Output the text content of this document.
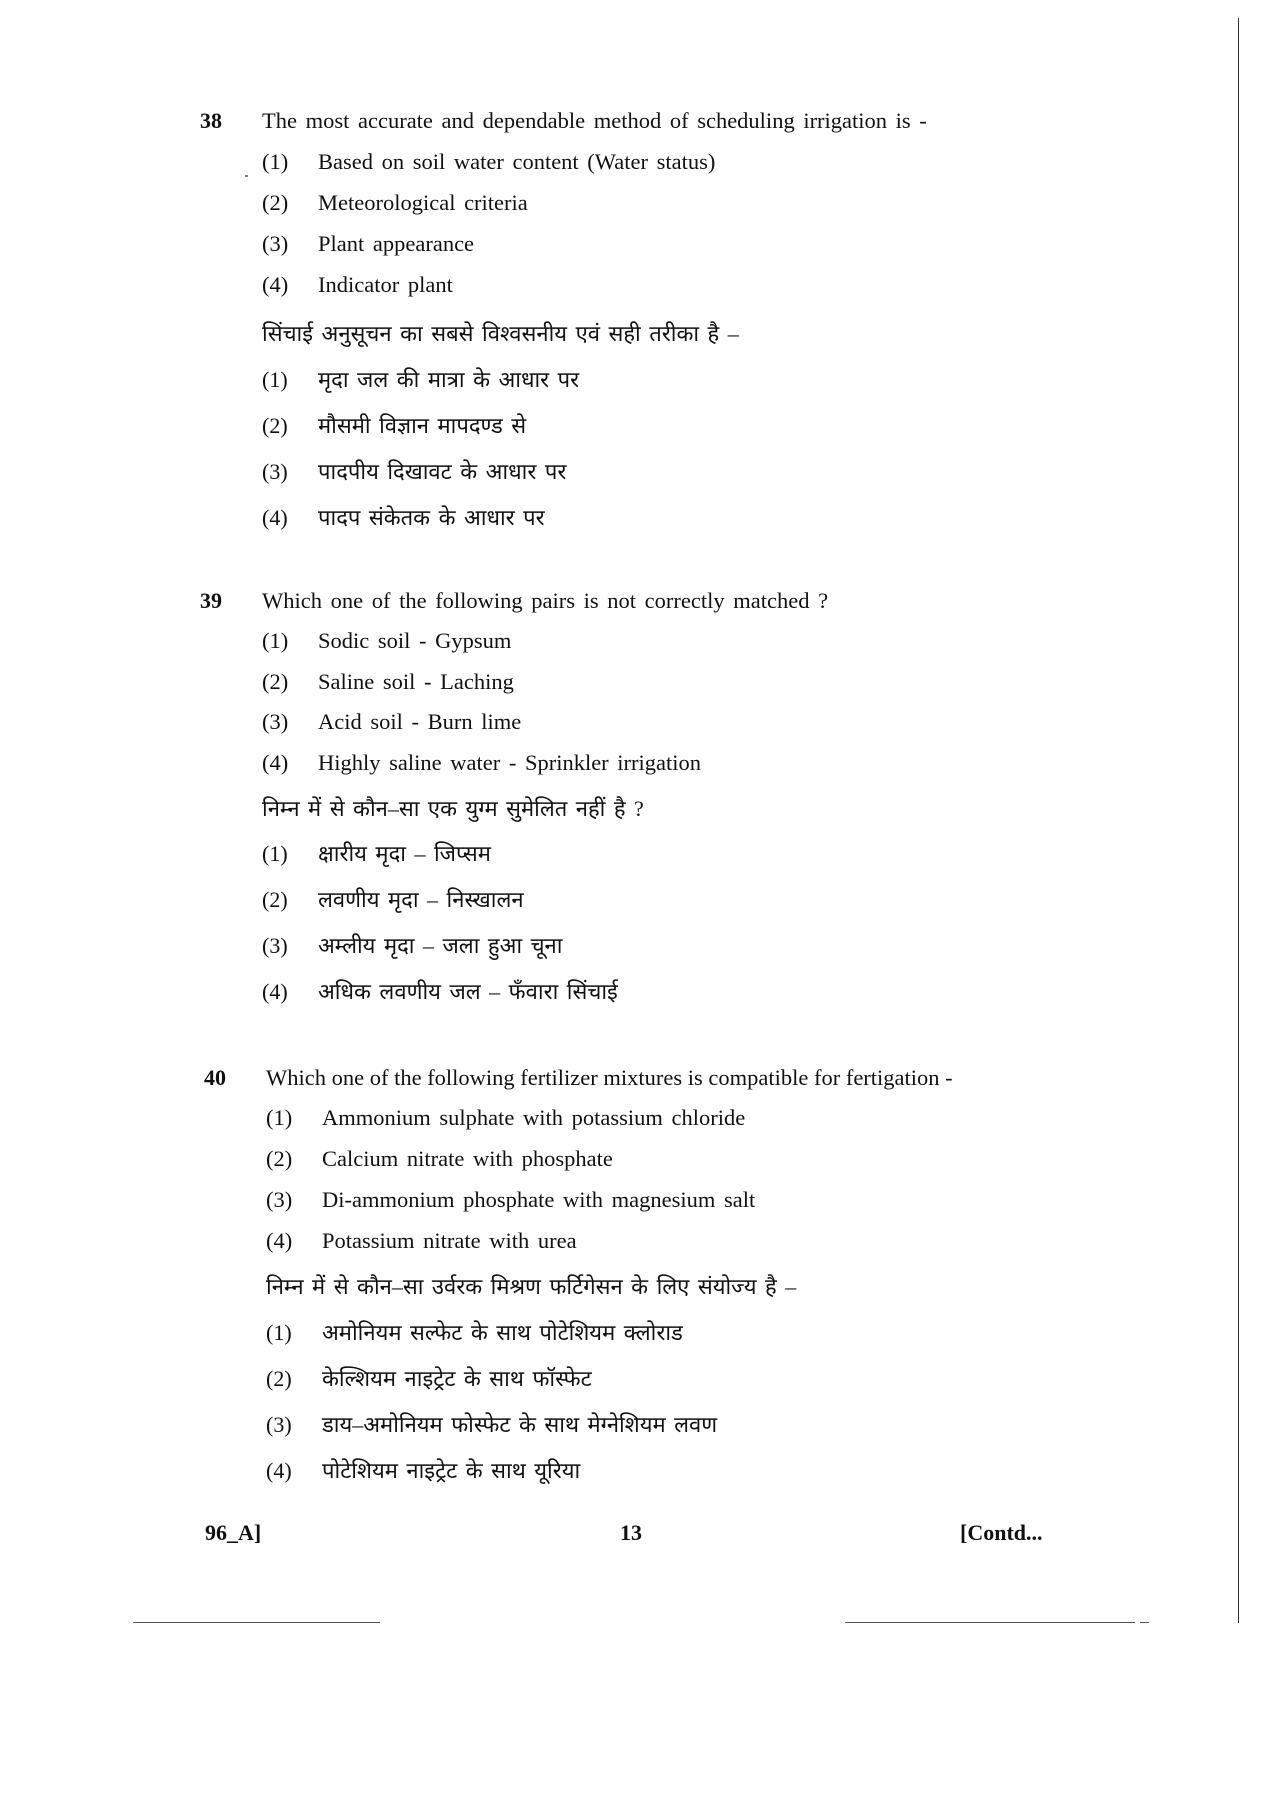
38 The most accurate and dependable method of scheduling irrigation is -
(1) Based on soil water content (Water status)
(2) Meteorological criteria
(3) Plant appearance
(4) Indicator plant
सिंचाई अनुसूचन का सबसे विश्वसनीय एवं सही तरीका है –
(1) मृदा जल की मात्रा के आधार पर
(2) मौसमी विज्ञान मापदण्ड से
(3) पादपीय दिखावट के आधार पर
(4) पादप संकेतक के आधार पर
39 Which one of the following pairs is not correctly matched ?
(1) Sodic soil - Gypsum
(2) Saline soil - Laching
(3) Acid soil - Burn lime
(4) Highly saline water - Sprinkler irrigation
निम्न में से कौन–सा एक युग्म सुमेलित नहीं है ?
(1) क्षारीय मृदा – जिप्सम
(2) लवणीय मृदा – निस्खालन
(3) अम्लीय मृदा – जला हुआ चूना
(4) अधिक लवणीय जल – फँवारा सिंचाई
40 Which one of the following fertilizer mixtures is compatible for fertigation -
(1) Ammonium sulphate with potassium chloride
(2) Calcium nitrate with phosphate
(3) Di-ammonium phosphate with magnesium salt
(4) Potassium nitrate with urea
निम्न में से कौन–सा उर्वरक मिश्रण फर्टिगेसन के लिए संयोज्य है –
(1) अमोनियम सल्फेट के साथ पोटेशियम क्लोराड
(2) केल्शियम नाइट्रेट के साथ फॉस्फेट
(3) डाय–अमोनियम फोस्फेट के साथ मेग्नेशियम लवण
(4) पोटेशियम नाइट्रेट के साथ यूरिया
96_A]	13	[Contd...
